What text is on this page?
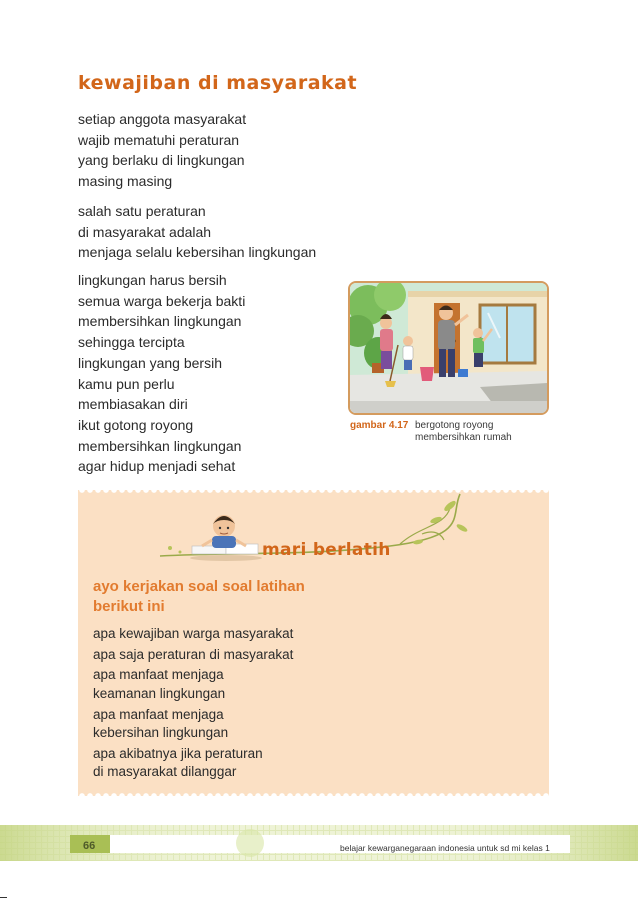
kewajiban di masyarakat
setiap anggota masyarakat
wajib mematuhi peraturan
yang berlaku di lingkungan
masing masing
salah satu peraturan
di masyarakat adalah
menjaga selalu kebersihan lingkungan
lingkungan harus bersih
semua warga bekerja bakti
membersihkan lingkungan
sehingga tercipta
lingkungan yang bersih
kamu pun perlu
membiasakan diri
ikut gotong royong
membersihkan lingkungan
agar hidup menjadi sehat
gambar 4.17 bergotong royong membersihkan rumah
mari berlatih

ayo kerjakan soal soal latihan berikut ini

apa kewajiban warga masyarakat
apa saja peraturan di masyarakat
apa manfaat menjaga
keamanan lingkungan
apa manfaat menjaga
kebersihan lingkungan
apa akibatnya jika peraturan
di masyarakat dilanggar
66	belajar kewarganegaraan indonesia untuk sd mi kelas 1
